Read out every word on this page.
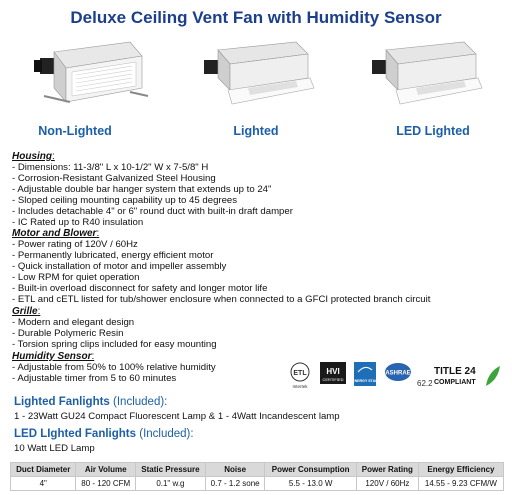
Deluxe Ceiling Vent Fan with Humidity Sensor
Non-Lighted	Lighted	LED Lighted
Housing:
- Dimensions: 11-3/8" L x 10-1/2" W x 7-5/8" H
- Corrosion-Resistant Galvanized Steel Housing
- Adjustable double bar hanger system that extends up to 24"
- Sloped ceiling mounting capability up to 45 degrees
- Includes detachable 4" or 6" round duct with built-in draft damper
- IC Rated up to R40 insulation
Motor and Blower:
- Power rating of 120V / 60Hz
- Permanently lubricated, energy efficient motor
- Quick installation of motor and impeller assembly
- Low RPM for quiet operation
- Built-in overload disconnect for safety and longer motor life
- ETL and cETL listed for tub/shower enclosure when connected to a GFCI protected branch circuit
Grille:
- Modern and elegant design
- Durable Polymeric Resin
- Torsion spring clips included for easy mounting
Humidity Sensor:
- Adjustable from 50% to 100% relative humidity
- Adjustable timer from 5 to 60 minutes	ETL
Intertek
HVI
CERTIFIED ENERGY STAR
ASHRAE
62.2
TITLE 24
COMPLIANT
Lighted Fanlights (Included):
1 - 23Watt GU24 Compact Fluorescent Lamp & 1 - 4Watt Incandescent lamp
LED LIghted Fanlights (Included):
10 Watt LED Lamp
Duct Diameter	Air Volume	Static Pressure	Noise	Power Consumption	Power Rating	Energy Efficiency
4"	80 - 120 CFM	0.1" w.g	0.7 - 1.2 sone	5.5 - 13.0 W	120V / 60Hz	14.55 - 9.23 CFM/W
